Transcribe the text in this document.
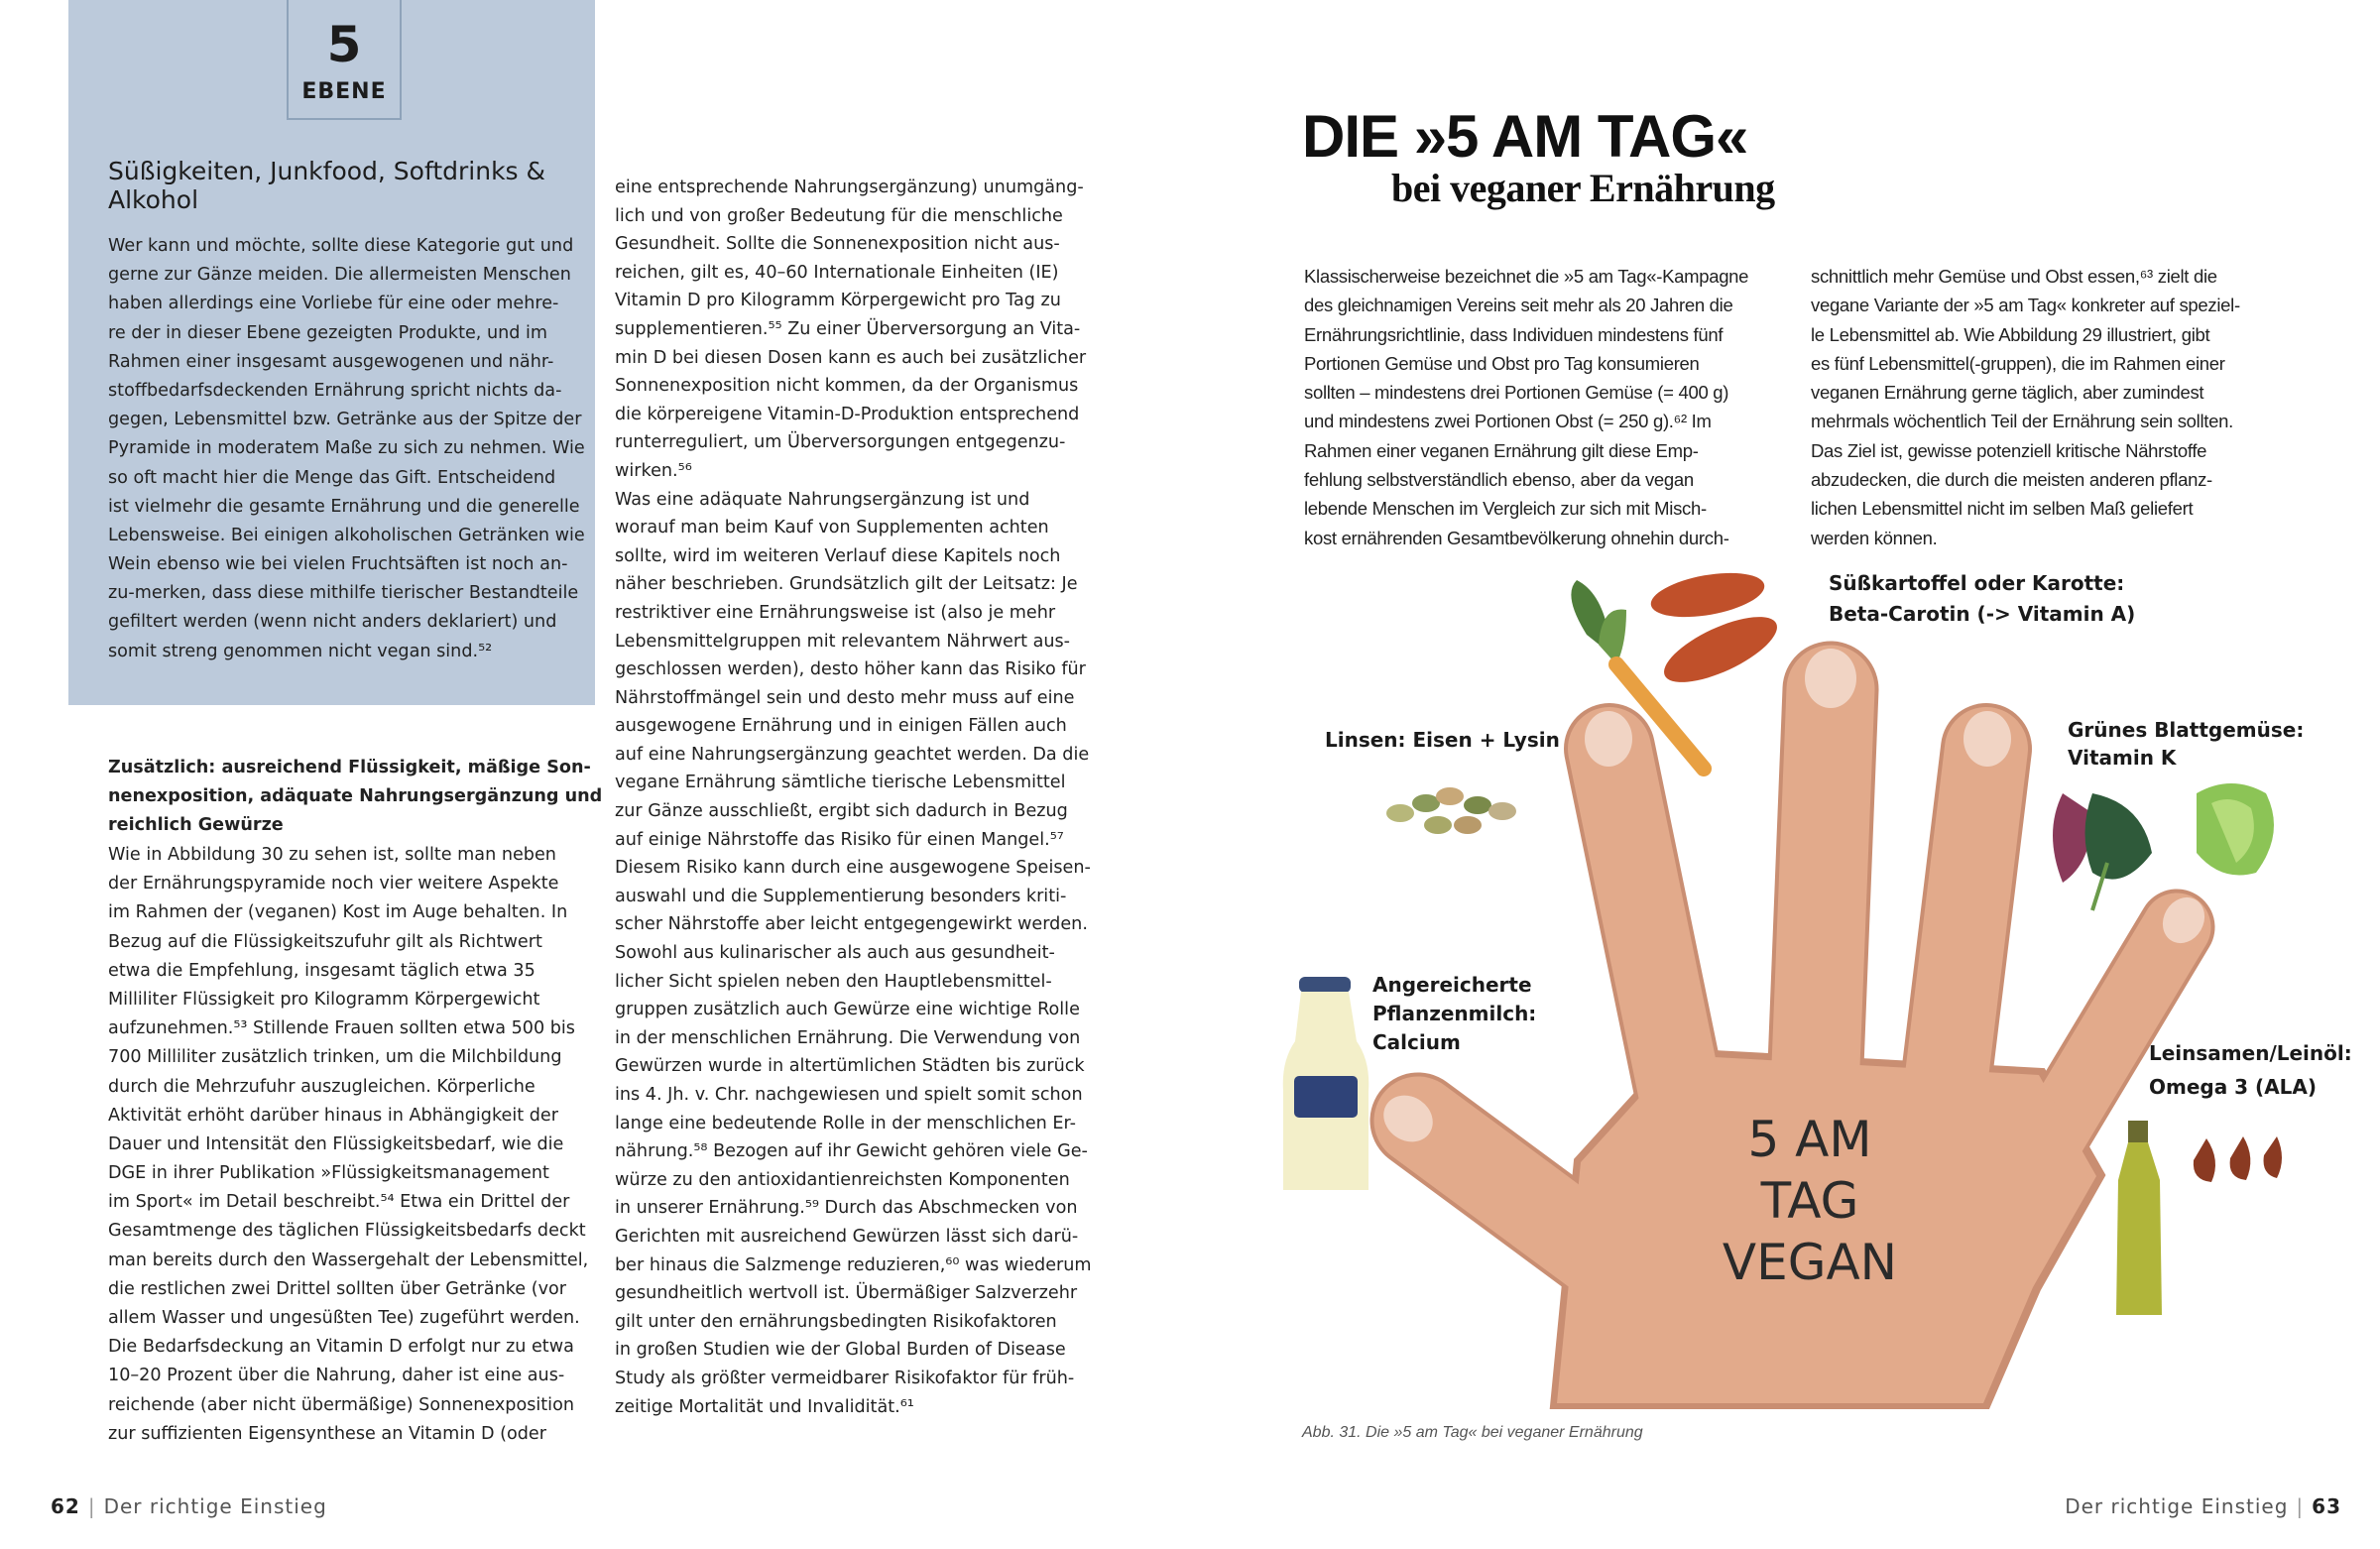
5
EBENE
Süßigkeiten, Junkfood, Softdrinks &
Alkohol
Wer kann und möchte, sollte diese Kategorie gut und
gerne zur Gänze meiden. Die allermeisten Menschen
haben allerdings eine Vorliebe für eine oder mehre-
re der in dieser Ebene gezeigten Produkte, und im
Rahmen einer insgesamt ausgewogenen und nähr-
stoffbedarfsdeckenden Ernährung spricht nichts da-
gegen, Lebensmittel bzw. Getränke aus der Spitze der
Pyramide in moderatem Maße zu sich zu nehmen. Wie
so oft macht hier die Menge das Gift. Entscheidend
ist vielmehr die gesamte Ernährung und die generelle
Lebensweise. Bei einigen alkoholischen Getränken wie
Wein ebenso wie bei vielen Fruchtsäften ist noch an-
zu-merken, dass diese mithilfe tierischer Bestandteile
gefiltert werden (wenn nicht anders deklariert) und
somit streng genommen nicht vegan sind.⁵²
Zusätzlich: ausreichend Flüssigkeit, mäßige Son-
nenexposition, adäquate Nahrungsergänzung und
reichlich Gewürze
Wie in Abbildung 30 zu sehen ist, sollte man neben
der Ernährungspyramide noch vier weitere Aspekte
im Rahmen der (veganen) Kost im Auge behalten. In
Bezug auf die Flüssigkeitszufuhr gilt als Richtwert
etwa die Empfehlung, insgesamt täglich etwa 35
Milliliter Flüssigkeit pro Kilogramm Körpergewicht
aufzunehmen.⁵³ Stillende Frauen sollten etwa 500 bis
700 Milliliter zusätzlich trinken, um die Milchbildung
durch die Mehrzufuhr auszugleichen. Körperliche
Aktivität erhöht darüber hinaus in Abhängigkeit der
Dauer und Intensität den Flüssigkeitsbedarf, wie die
DGE in ihrer Publikation »Flüssigkeitsmanagement
im Sport« im Detail beschreibt.⁵⁴ Etwa ein Drittel der
Gesamtmenge des täglichen Flüssigkeitsbedarfs deckt
man bereits durch den Wassergehalt der Lebensmittel,
die restlichen zwei Drittel sollten über Getränke (vor
allem Wasser und ungesüßten Tee) zugeführt werden.
Die Bedarfsdeckung an Vitamin D erfolgt nur zu etwa
10–20 Prozent über die Nahrung, daher ist eine aus-
reichende (aber nicht übermäßige) Sonnenexposition
zur suffizienten Eigensynthese an Vitamin D (oder
eine entsprechende Nahrungsergänzung) unumgäng-
lich und von großer Bedeutung für die menschliche
Gesundheit. Sollte die Sonnenexposition nicht aus-
reichen, gilt es, 40–60 Internationale Einheiten (IE)
Vitamin D pro Kilogramm Körpergewicht pro Tag zu
supplementieren.⁵⁵ Zu einer Überversorgung an Vita-
min D bei diesen Dosen kann es auch bei zusätzlicher
Sonnenexposition nicht kommen, da der Organismus
die körpereigene Vitamin-D-Produktion entsprechend
runterreguliert, um Überversorgungen entgegenzu-
wirken.⁵⁶
Was eine adäquate Nahrungsergänzung ist und
worauf man beim Kauf von Supplementen achten
sollte, wird im weiteren Verlauf diese Kapitels noch
näher beschrieben. Grundsätzlich gilt der Leitsatz: Je
restriktiver eine Ernährungsweise ist (also je mehr
Lebensmittelgruppen mit relevantem Nährwert aus-
geschlossen werden), desto höher kann das Risiko für
Nährstoffmängel sein und desto mehr muss auf eine
ausgewogene Ernährung und in einigen Fällen auch
auf eine Nahrungsergänzung geachtet werden. Da die
vegane Ernährung sämtliche tierische Lebensmittel
zur Gänze ausschließt, ergibt sich dadurch in Bezug
auf einige Nährstoffe das Risiko für einen Mangel.⁵⁷
Diesem Risiko kann durch eine ausgewogene Speisen-
auswahl und die Supplementierung besonders kriti-
scher Nährstoffe aber leicht entgegengewirkt werden.
Sowohl aus kulinarischer als auch aus gesundheit-
licher Sicht spielen neben den Hauptlebensmittel-
gruppen zusätzlich auch Gewürze eine wichtige Rolle
in der menschlichen Ernährung. Die Verwendung von
Gewürzen wurde in altertümlichen Städten bis zurück
ins 4. Jh. v. Chr. nachgewiesen und spielt somit schon
lange eine bedeutende Rolle in der menschlichen Er-
nährung.⁵⁸ Bezogen auf ihr Gewicht gehören viele Ge-
würze zu den antioxidantienreichsten Komponenten
in unserer Ernährung.⁵⁹ Durch das Abschmecken von
Gerichten mit ausreichend Gewürzen lässt sich darü-
ber hinaus die Salzmenge reduzieren,⁶⁰ was wiederum
gesundheitlich wertvoll ist. Übermäßiger Salzverzehr
gilt unter den ernährungsbedingten Risikofaktoren
in großen Studien wie der Global Burden of Disease
Study als größter vermeidbarer Risikofaktor für früh-
zeitige Mortalität und Invalidität.⁶¹
62 | Der richtige Einstieg
DIE »5 AM TAG«
bei veganer Ernährung
Klassischerweise bezeichnet die »5 am Tag«-Kampagne
des gleichnamigen Vereins seit mehr als 20 Jahren die
Ernährungsrichtlinie, dass Individuen mindestens fünf
Portionen Gemüse und Obst pro Tag konsumieren
sollten – mindestens drei Portionen Gemüse (= 400 g)
und mindestens zwei Portionen Obst (= 250 g).⁶² Im
Rahmen einer veganen Ernährung gilt diese Emp-
fehlung selbstverständlich ebenso, aber da vegan
lebende Menschen im Vergleich zur sich mit Misch-
kost ernährenden Gesamtbevölkerung ohnehin durch-
schnittlich mehr Gemüse und Obst essen,⁶³ zielt die
vegane Variante der »5 am Tag« konkreter auf speziel-
le Lebensmittel ab. Wie Abbildung 29 illustriert, gibt
es fünf Lebensmittel(-gruppen), die im Rahmen einer
veganen Ernährung gerne täglich, aber zumindest
mehrmals wöchentlich Teil der Ernährung sein sollten.
Das Ziel ist, gewisse potenziell kritische Nährstoffe
abzudecken, die durch die meisten anderen pflanz-
lichen Lebensmittel nicht im selben Maß geliefert
werden können.
5 AM
TAG
VEGAN
Süßkartoffel oder Karotte:
Beta-Carotin (-> Vitamin A)
Linsen: Eisen + Lysin	Grünes Blattgemüse:
Vitamin K
Angereicherte
Pflanzenmilch:
Calcium	Leinsamen/Leinöl:
Omega 3 (ALA)
Abb. 31. Die »5 am Tag« bei veganer Ernährung
Der richtige Einstieg | 63
